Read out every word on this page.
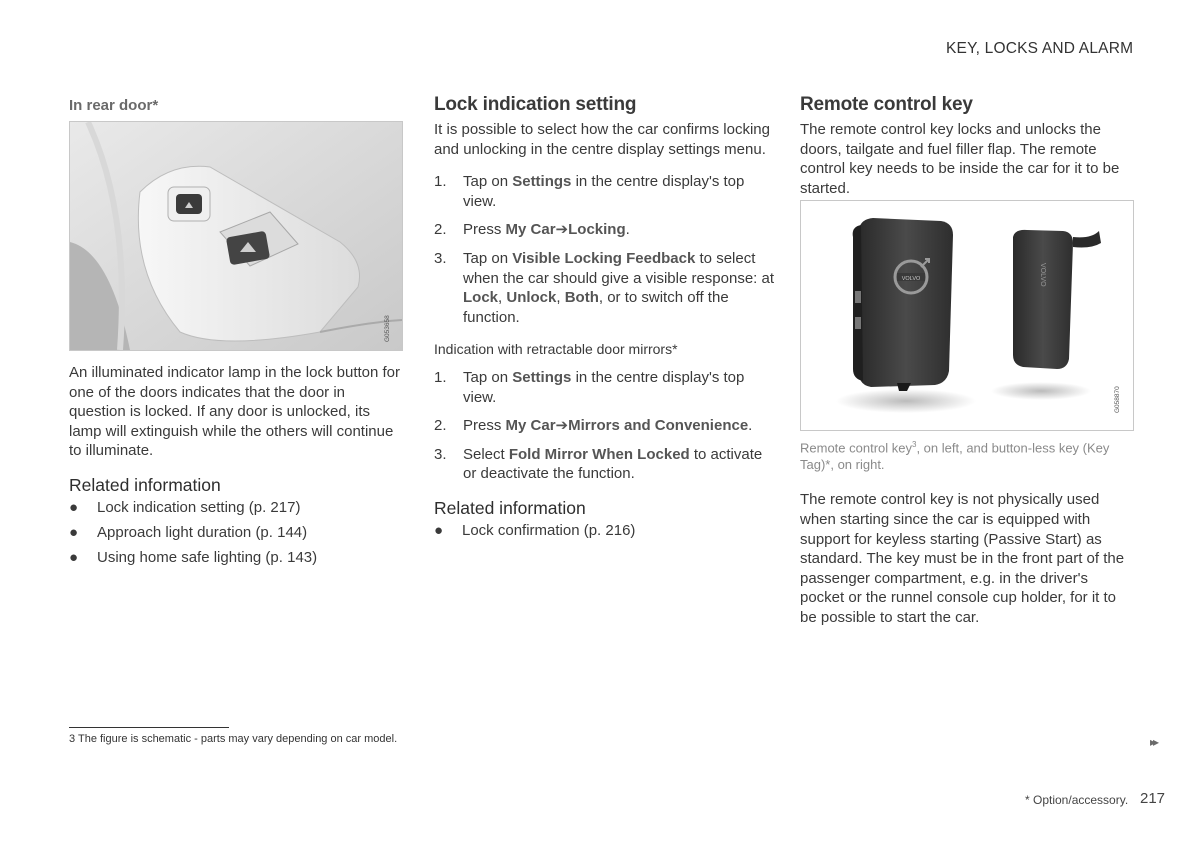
KEY, LOCKS AND ALARM
In rear door*
G053658

An illuminated indicator lamp in the lock button for one of the doors indicates that the door in question is locked. If any door is unlocked, its lamp will extinguish while the others will continue to illuminate.

Related information
● Lock indication setting (p. 217)
● Approach light duration (p. 144)
● Using home safe lighting (p. 143)
Lock indication setting

It is possible to select how the car confirms locking and unlocking in the centre display settings menu.

1. Tap on Settings in the centre display's top view.
2. Press My Car➔Locking.
3. Tap on Visible Locking Feedback to select when the car should give a visible response: at Lock, Unlock, Both, or to switch off the function.

Indication with retractable door mirrors*

1. Tap on Settings in the centre display's top view.
2. Press My Car➔Mirrors and Convenience.
3. Select Fold Mirror When Locked to activate or deactivate the function.
Related information
● Lock confirmation (p. 216)
Remote control key

The remote control key locks and unlocks the doors, tailgate and fuel filler flap. The remote control key needs to be inside the car for it to be started.

VOLVO	VOLVO
G058870

Remote control key$^3$, on left, and button-less key (Key Tag)*, on right.

The remote control key is not physically used when starting since the car is equipped with support for keyless starting (Passive Start) as standard. The key must be in the front part of the passenger compartment, e.g. in the driver's pocket or the runnel console cup holder, for it to be possible to start the car.

3 The figure is schematic - parts may vary depending on car model.	▸▸
* Option/accessory. 217
